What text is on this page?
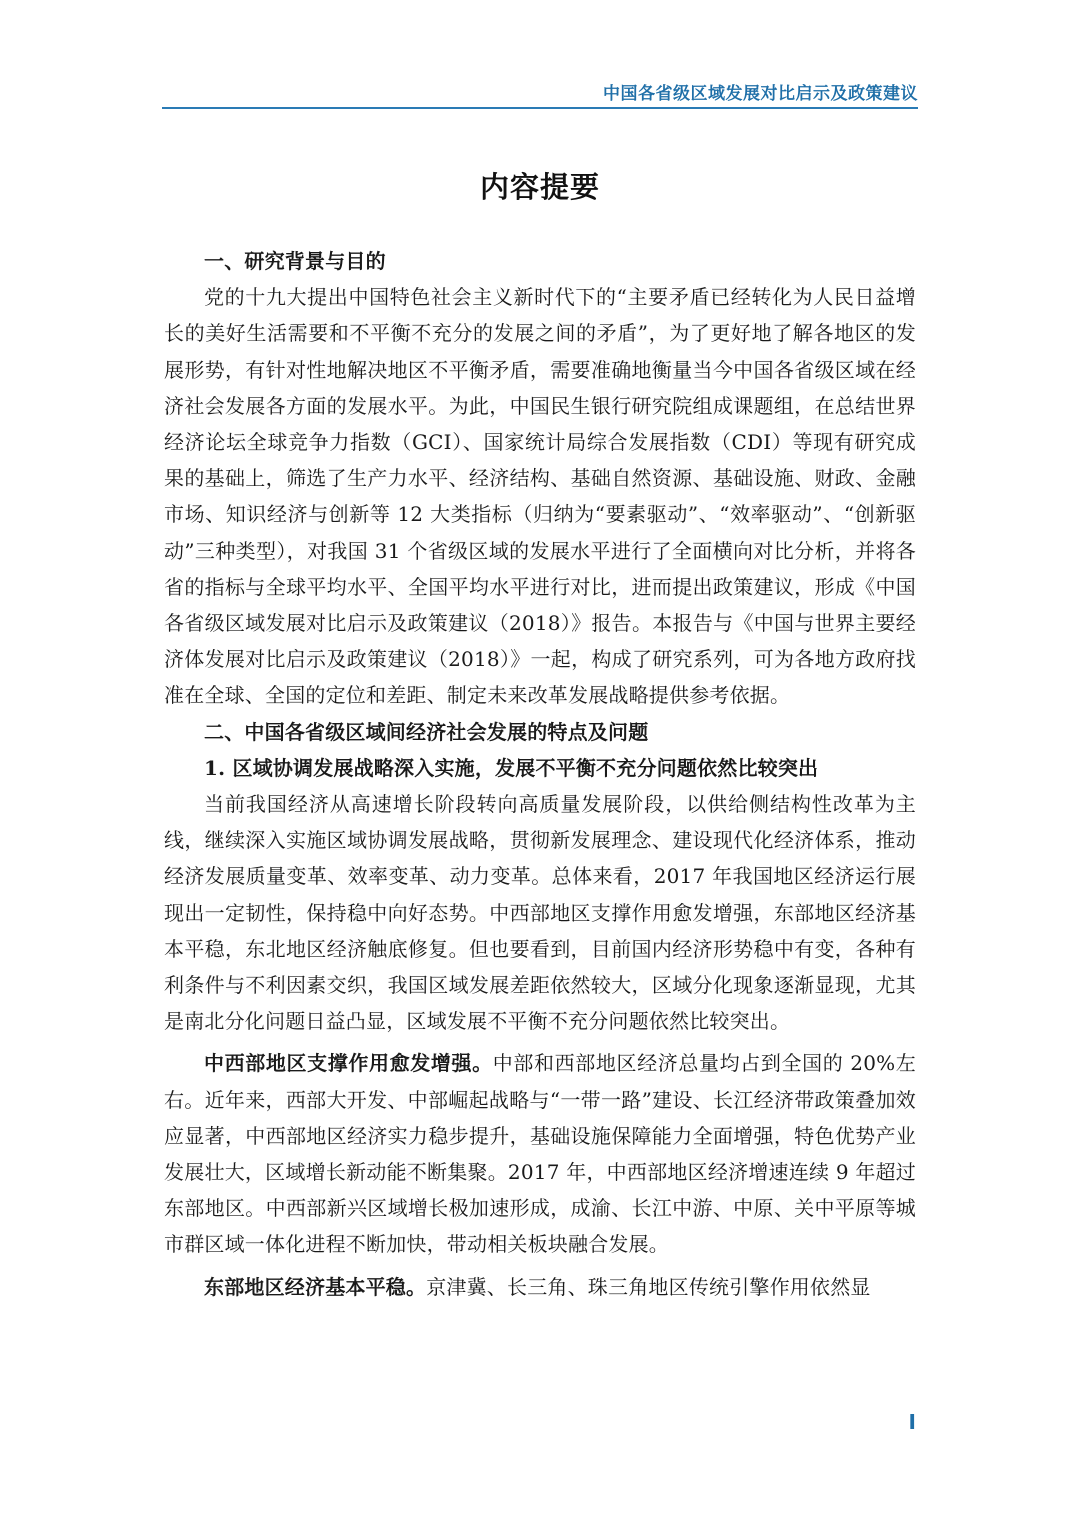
中国各省级区域发展对比启示及政策建议
内容提要

一、研究背景与目的

党的十九大提出中国特色社会主义新时代下的“主要矛盾已经转化为人民日益增长的美好生活需要和不平衡不充分的发展之间的矛盾”，为了更好地了解各地区的发展形势，有针对性地解决地区不平衡矛盾，需要准确地衡量当今中国各省级区域在经济社会发展各方面的发展水平。为此，中国民生银行研究院组成课题组，在总结世界经济论坛全球竞争力指数（GCI）、国家统计局综合发展指数（CDI）等现有研究成果的基础上，筛选了生产力水平、经济结构、基础自然资源、基础设施、财政、金融市场、知识经济与创新等 12 大类指标（归纳为“要素驱动”、“效率驱动”、“创新驱动”三种类型），对我国 31 个省级区域的发展水平进行了全面横向对比分析，并将各省的指标与全球平均水平、全国平均水平进行对比，进而提出政策建议，形成《中国各省级区域发展对比启示及政策建议（2018）》报告。本报告与《中国与世界主要经济体发展对比启示及政策建议（2018）》一起，构成了研究系列，可为各地方政府找准在全球、全国的定位和差距、制定未来改革发展战略提供参考依据。

二、中国各省级区域间经济社会发展的特点及问题

1. 区域协调发展战略深入实施，发展不平衡不充分问题依然比较突出

当前我国经济从高速增长阶段转向高质量发展阶段，以供给侧结构性改革为主线，继续深入实施区域协调发展战略，贯彻新发展理念、建设现代化经济体系，推动经济发展质量变革、效率变革、动力变革。总体来看，2017 年我国地区经济运行展现出一定韧性，保持稳中向好态势。中西部地区支撑作用愈发增强，东部地区经济基本平稳，东北地区经济触底修复。但也要看到，目前国内经济形势稳中有变，各种有利条件与不利因素交织，我国区域发展差距依然较大，区域分化现象逐渐显现，尤其是南北分化问题日益凸显，区域发展不平衡不充分问题依然比较突出。

中西部地区支撑作用愈发增强。中部和西部地区经济总量均占到全国的 20%左右。近年来，西部大开发、中部崛起战略与“一带一路”建设、长江经济带政策叠加效应显著，中西部地区经济实力稳步提升，基础设施保障能力全面增强，特色优势产业发展壮大，区域增长新动能不断集聚。2017 年，中西部地区经济增速连续 9 年超过东部地区。中西部新兴区域增长极加速形成，成渝、长江中游、中原、关中平原等城市群区域一体化进程不断加快，带动相关板块融合发展。

东部地区经济基本平稳。京津冀、长三角、珠三角地区传统引擎作用依然显

I
